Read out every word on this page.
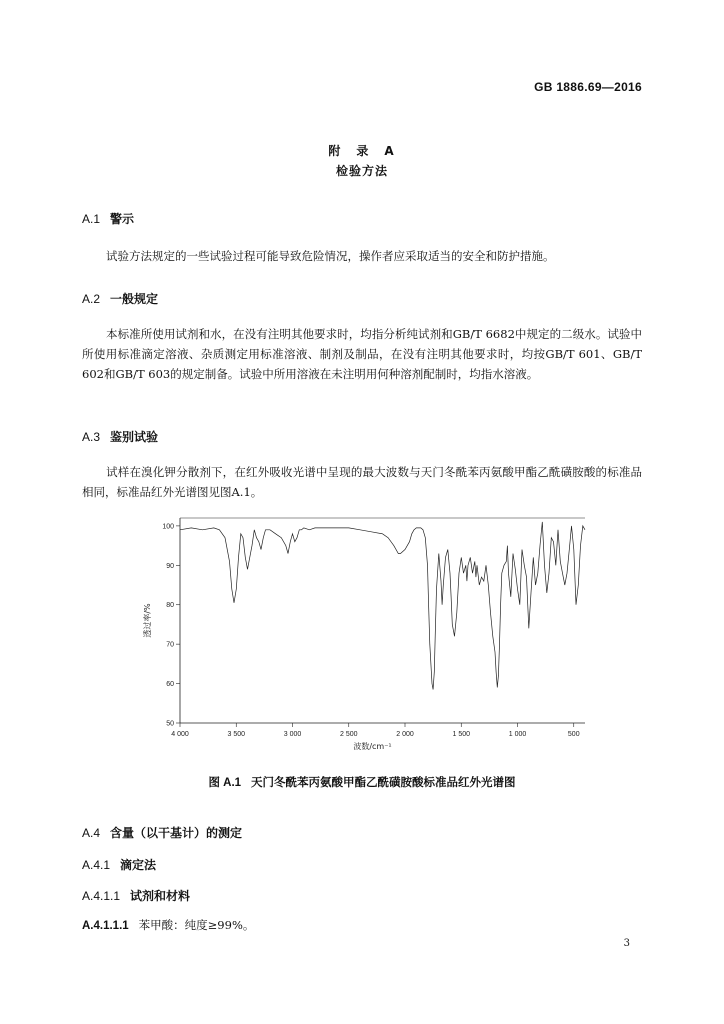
GB 1886.69—2016
附　录　A
检验方法
A.1 警示
试验方法规定的一些试验过程可能导致危险情况，操作者应采取适当的安全和防护措施。
A.2 一般规定
本标准所使用试剂和水，在没有注明其他要求时，均指分析纯试剂和GB/T 6682中规定的二级水。试验中所使用标准滴定溶液、杂质测定用标准溶液、制剂及制品，在没有注明其他要求时，均按GB/T 601、GB/T 602和GB/T 603的规定制备。试验中所用溶液在未注明用何种溶剂配制时，均指水溶液。
A.3 鉴别试验
试样在溴化钾分散剂下，在红外吸收光谱中呈现的最大波数与天门冬酰苯丙氨酸甲酯乙酰磺胺酸的标准品相同，标准品红外光谱图见图A.1。
50
60
70
80
90
100
4 000	3 500	3 000	2 500	2 000	1 500	1 000	500
透过率/%
波数/cm⁻¹
图 A.1 天门冬酰苯丙氨酸甲酯乙酰磺胺酸标准品红外光谱图
A.4 含量（以干基计）的测定
A.4.1 滴定法
A.4.1.1 试剂和材料
A.4.1.1.1 苯甲酸：纯度≥99%。
3
